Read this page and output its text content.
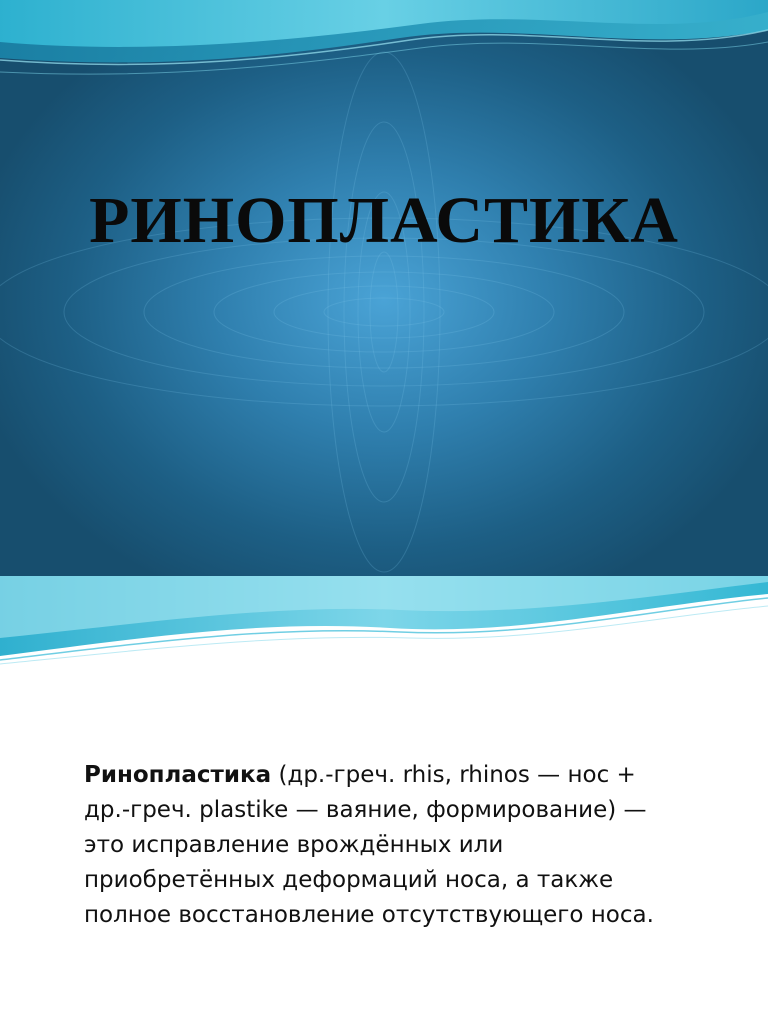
РИНОПЛАСТИКА
Ринопластика (др.-греч. rhis, rhinos — нос +
др.-греч. plastike — ваяние, формирование) —
это исправление врождённых или
приобретённых деформаций носа, а также
полное восстановление отсутствующего носа.
